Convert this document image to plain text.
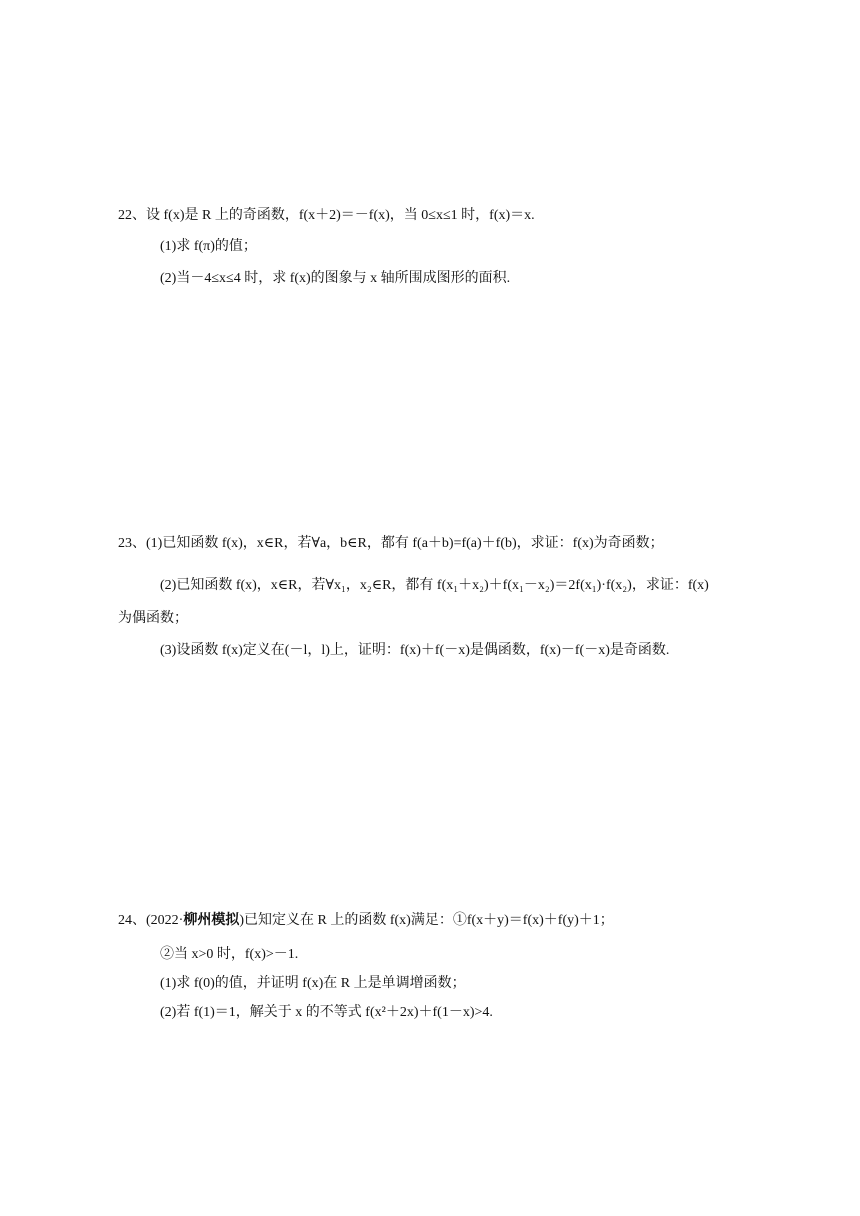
22、设 f(x)是 R 上的奇函数，f(x＋2)＝－f(x)，当 0≤x≤1 时，f(x)＝x.
(1)求 f(π)的值；
(2)当－4≤x≤4 时，求 f(x)的图象与 x 轴所围成图形的面积.
23、(1)已知函数 f(x)，x∈R，若∀a，b∈R，都有 f(a＋b)=f(a)＋f(b)，求证：f(x)为奇函数；
(2)已知函数 f(x)，x∈R，若∀x₁，x₂∈R，都有 f(x₁＋x₂)＋f(x₁－x₂)＝2f(x₁)·f(x₂)，求证：f(x)
为偶函数；
(3)设函数 f(x)定义在(－l，l)上，证明：f(x)＋f(－x)是偶函数，f(x)－f(－x)是奇函数.
24、(2022·柳州模拟)已知定义在 R 上的函数 f(x)满足：①f(x＋y)＝f(x)＋f(y)＋1；
②当 x>0 时，f(x)>－1.
(1)求 f(0)的值，并证明 f(x)在 R 上是单调增函数；
(2)若 f(1)＝1，解关于 x 的不等式 f(x²＋2x)＋f(1－x)>4.
